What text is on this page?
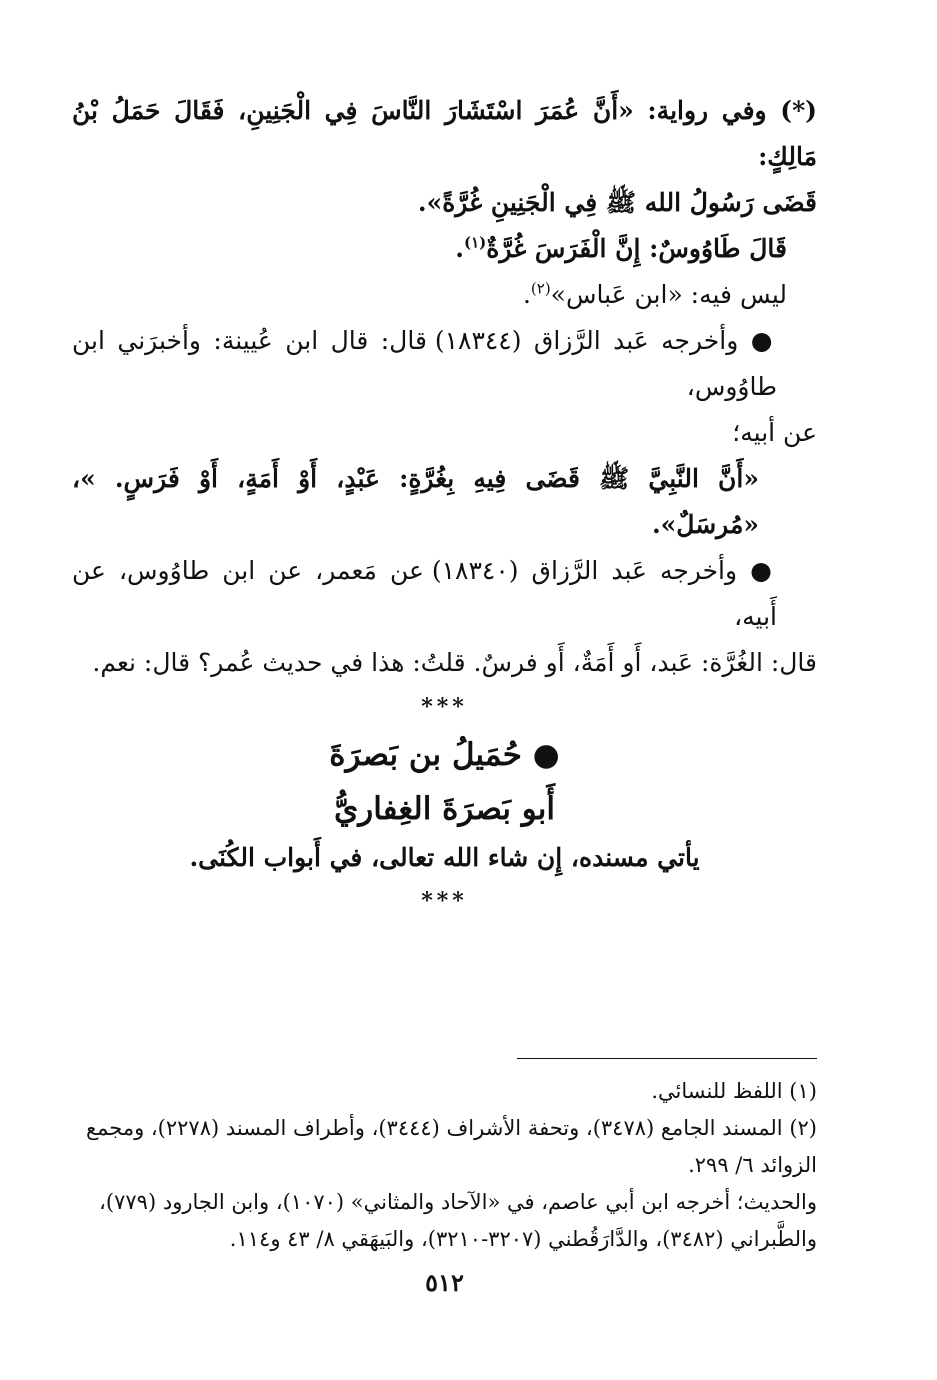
(*) وفي رواية: «أَنَّ عُمَرَ اسْتَشَارَ النَّاسَ فِي الْجَنِينِ، فَقَالَ حَمَلُ بْنُ مَالِكٍ:

قَضَى رَسُولُ الله ﷺ فِي الْجَنِينِ غُرَّةً».

قَالَ طَاوُوسٌ: إِنَّ الْفَرَسَ غُرَّةٌ$^{(١)}$.

ليس فيه: «ابن عَباس»$^{(٢)}$.

● وأخرجه عَبد الرَّزاق (١٨٣٤٤) قال: قال ابن عُيينة: وأخبرَني ابن طاوُوس،

عن أبيه؛

«أَنَّ النَّبِيَّ ﷺ قَضَى فِيهِ بِغُرَّةٍ: عَبْدٍ، أَوْ أَمَةٍ، أَوْ فَرَسٍ. »، «مُرسَلٌ».

● وأخرجه عَبد الرَّزاق (١٨٣٤٠) عن مَعمر، عن ابن طاوُوس، عن أَبيه،

قال: الغُرَّة: عَبد، أَو أَمَةٌ، أَو فرسٌ. قلتُ: هذا في حديث عُمر؟ قال: نعم.

***
● حُمَيلُ بن بَصرَةَ
أَبو بَصرَةَ الغِفاريُّ
يأتي مسنده، إِن شاء الله تعالى، في أَبواب الكُنَى.
***

(١) اللفظ للنسائي.

(٢) المسند الجامع (٣٤٧٨)، وتحفة الأشراف (٣٤٤٤)، وأطراف المسند (٢٢٧٨)، ومجمع

الزوائد ٦/ ٢٩٩.

والحديث؛ أخرجه ابن أبي عاصم، في «الآحاد والمثاني» (١٠٧٠)، وابن الجارود (٧٧٩)،

والطَّبراني (٣٤٨٢)، والدَّارَقُطني (٣٢٠٧-٣٢١٠)، والبَيهَقي ٨/ ٤٣ و١١٤.

٥١٢
